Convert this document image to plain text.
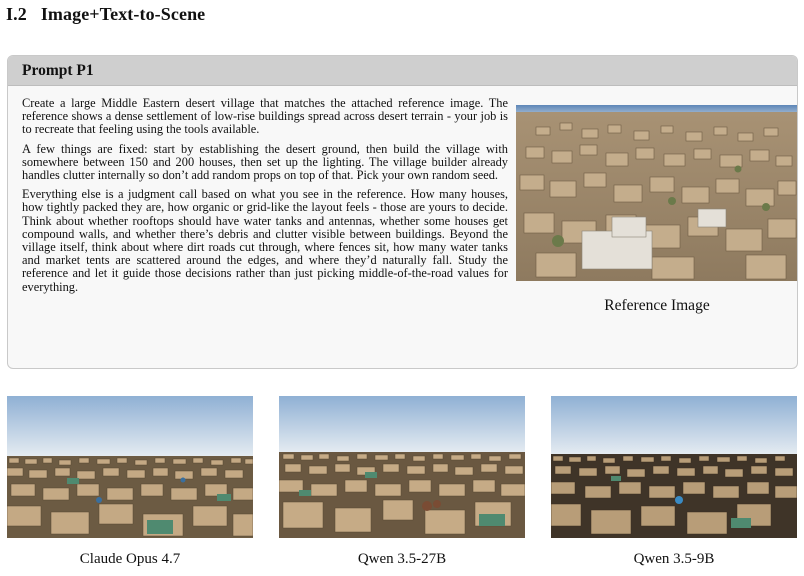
I.2 Image+Text-to-Scene
Prompt P1

Create a large Middle Eastern desert village that matches the attached reference image. The reference shows a dense settlement of low-rise buildings spread across desert terrain - your job is to recreate that feeling using the tools available.

A few things are fixed: start by establishing the desert ground, then build the village with somewhere between 150 and 200 houses, then set up the lighting. The village builder already handles clutter internally so don’t add random props on top of that. Pick your own random seed.

Everything else is a judgment call based on what you see in the reference. How many houses, how tightly packed they are, how organic or grid-like the layout feels - those are yours to decide. Think about whether rooftops should have water tanks and antennas, whether some houses get compound walls, and whether there’s debris and clutter visible between buildings. Beyond the village itself, think about where dirt roads cut through, where fences sit, how many water tanks and market tents are scattered around the edges, and where they’d naturally fall. Study the reference and let it guide those decisions rather than just picking middle-of-the-road values for everything.

Reference Image
Claude Opus 4.7	Qwen 3.5-27B	Qwen 3.5-9B
